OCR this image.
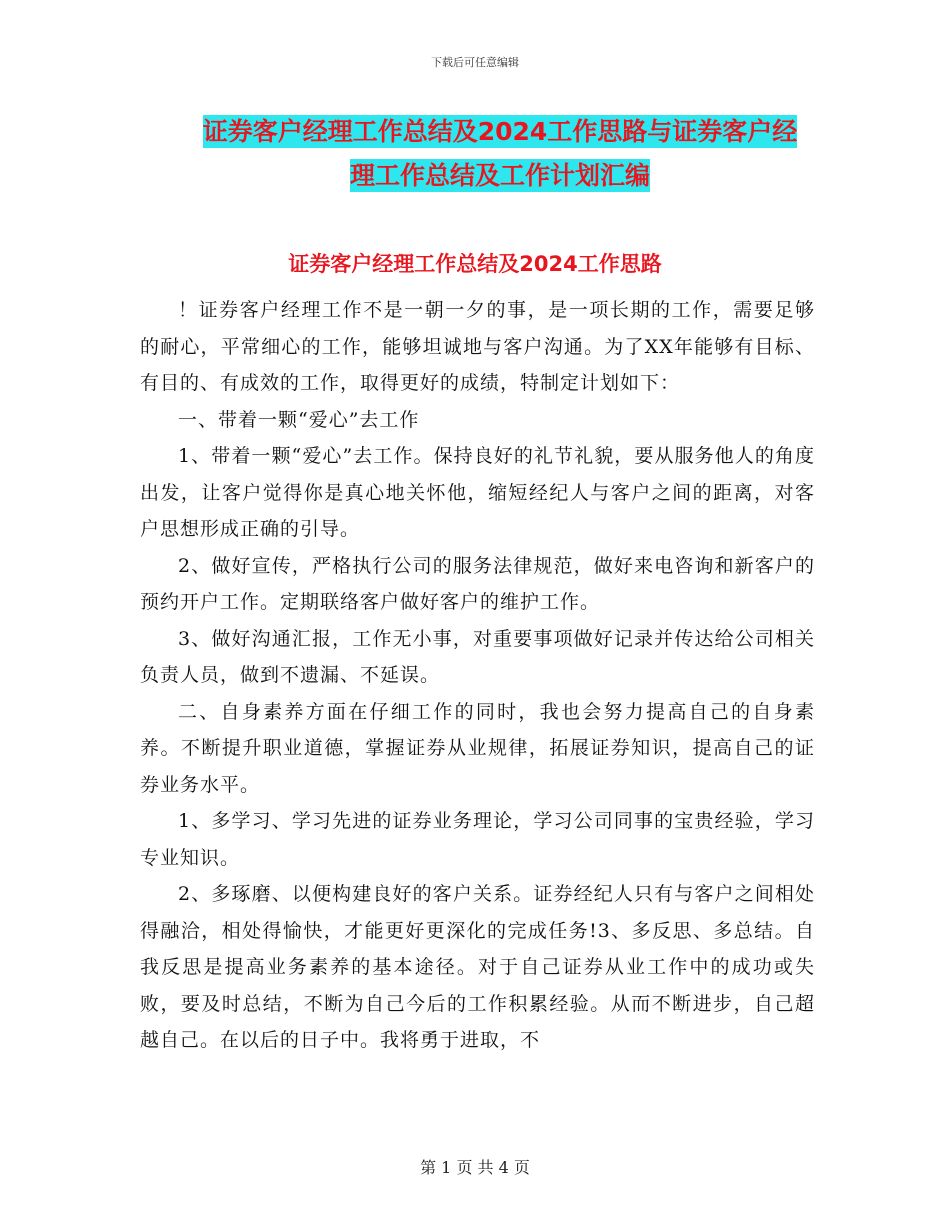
下载后可任意编辑
证券客户经理工作总结及2024工作思路与证券客户经
理工作总结及工作计划汇编
证券客户经理工作总结及2024工作思路

！证券客户经理工作不是一朝一夕的事，是一项长期的工作，需要足够的耐心，平常细心的工作，能够坦诚地与客户沟通。为了XX年能够有目标、有目的、有成效的工作，取得更好的成绩，特制定计划如下：

一、带着一颗“爱心”去工作

1、带着一颗“爱心”去工作。保持良好的礼节礼貌，要从服务他人的角度出发，让客户觉得你是真心地关怀他，缩短经纪人与客户之间的距离，对客户思想形成正确的引导。

2、做好宣传，严格执行公司的服务法律规范，做好来电咨询和新客户的预约开户工作。定期联络客户做好客户的维护工作。

3、做好沟通汇报，工作无小事，对重要事项做好记录并传达给公司相关负责人员，做到不遗漏、不延误。

二、自身素养方面在仔细工作的同时，我也会努力提高自己的自身素养。不断提升职业道德，掌握证券从业规律，拓展证券知识，提高自己的证券业务水平。

1、多学习、学习先进的证券业务理论，学习公司同事的宝贵经验，学习专业知识。

2、多琢磨、以便构建良好的客户关系。证券经纪人只有与客户之间相处得融洽，相处得愉快，才能更好更深化的完成任务!3、多反思、多总结。自我反思是提高业务素养的基本途径。对于自己证券从业工作中的成功或失败，要及时总结，不断为自己今后的工作积累经验。从而不断进步，自己超越自己。在以后的日子中。我将勇于进取，不

第 1 页 共 4 页
